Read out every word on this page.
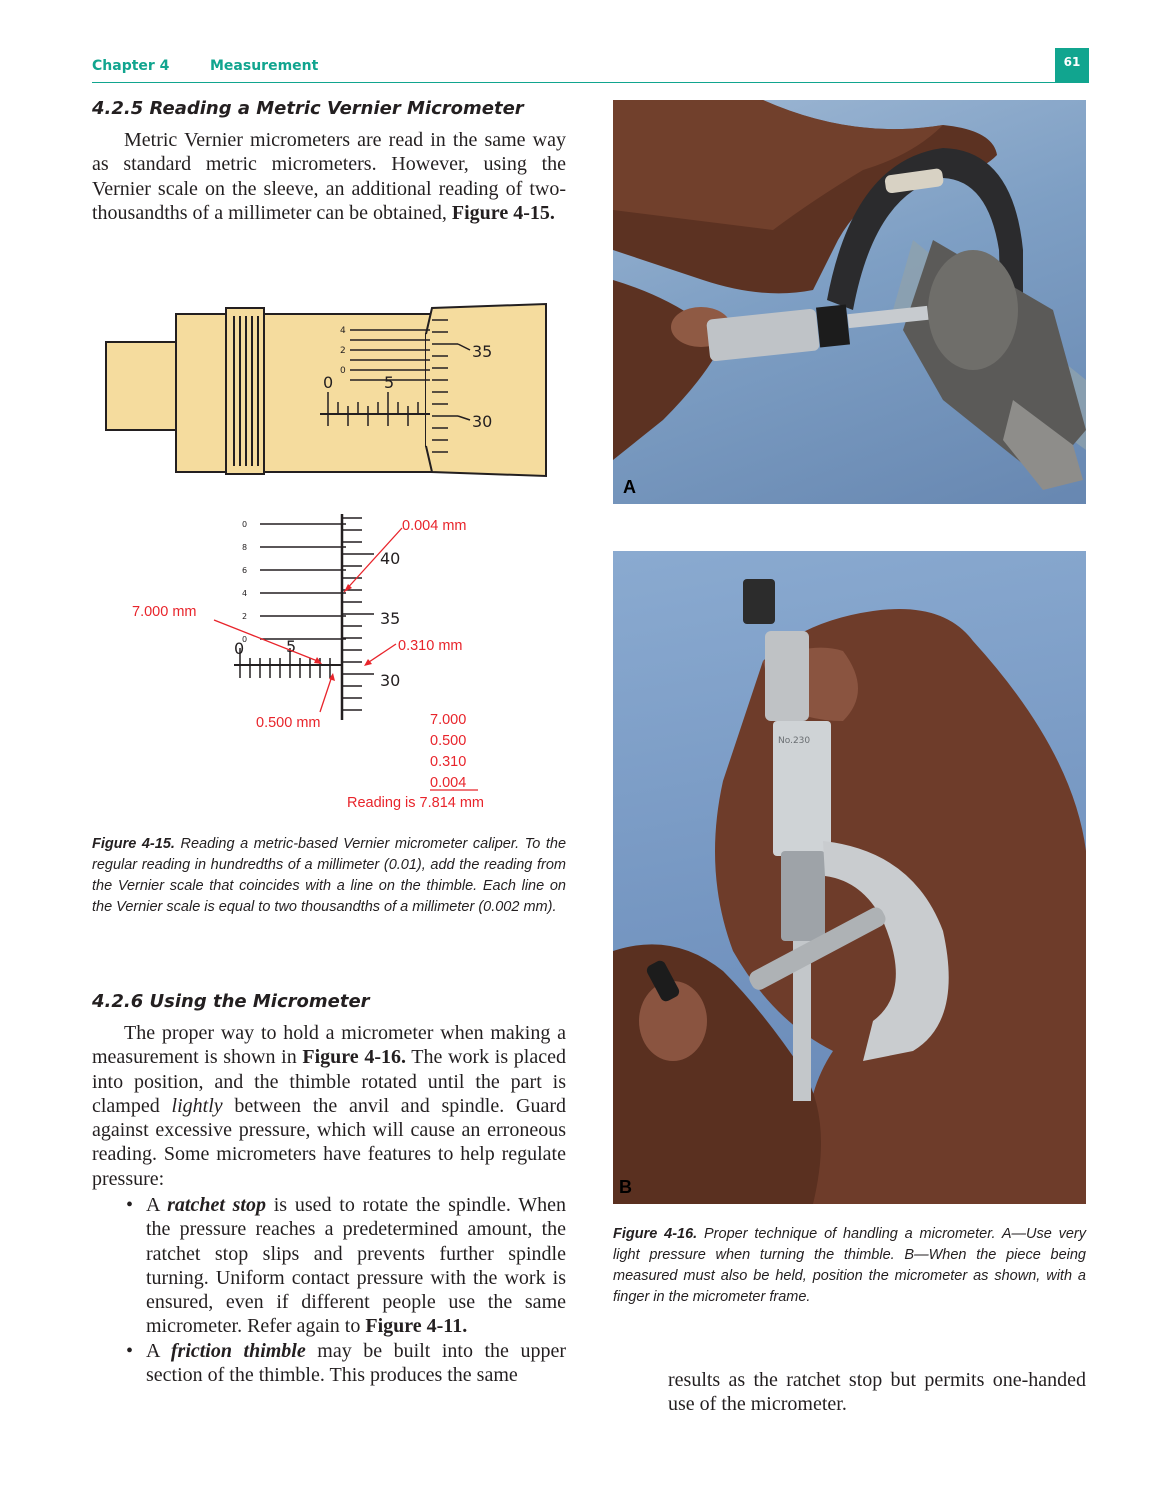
Chapter 4	Measurement	61
4.2.5 Reading a Metric Vernier Micrometer

Metric Vernier micrometers are read in the same way as standard metric micrometers. However, using the Vernier scale on the sleeve, an additional reading of two-thousandths of a millimeter can be obtained, Figure 4-15.

0	5
35
30
4
2
0
0	5
40
35
30
0
8
6
4
2
0
0.004 mm
7.000 mm
0.310 mm
0.500 mm	7.000
0.500
0.310
0.004
Reading is 7.814 mm
Figure 4-15. Reading a metric-based Vernier micrometer caliper. To the regular reading in hundredths of a millimeter (0.01), add the reading from the Vernier scale that coincides with a line on the thimble. Each line on the Vernier scale is equal to two thousandths of a millimeter (0.002 mm).
4.2.6 Using the Micrometer

The proper way to hold a micrometer when making a measurement is shown in Figure 4-16. The work is placed into position, and the thimble rotated until the part is clamped lightly between the anvil and spindle. Guard against excessive pressure, which will cause an erroneous reading. Some micrometers have features to help regulate pressure:

• A ratchet stop is used to rotate the spindle. When the pressure reaches a predetermined amount, the ratchet stop slips and prevents further spindle turning. Uniform contact pressure with the work is ensured, even if different people use the same micrometer. Refer again to Figure 4-11.
• A friction thimble may be built into the upper section of the thimble. This produces the same
A
No.230
B
Figure 4-16. Proper technique of handling a micrometer. A—Use very light pressure when turning the thimble. B—When the piece being measured must also be held, position the micrometer as shown, with a finger in the micrometer frame.
results as the ratchet stop but permits one-handed use of the micrometer.
